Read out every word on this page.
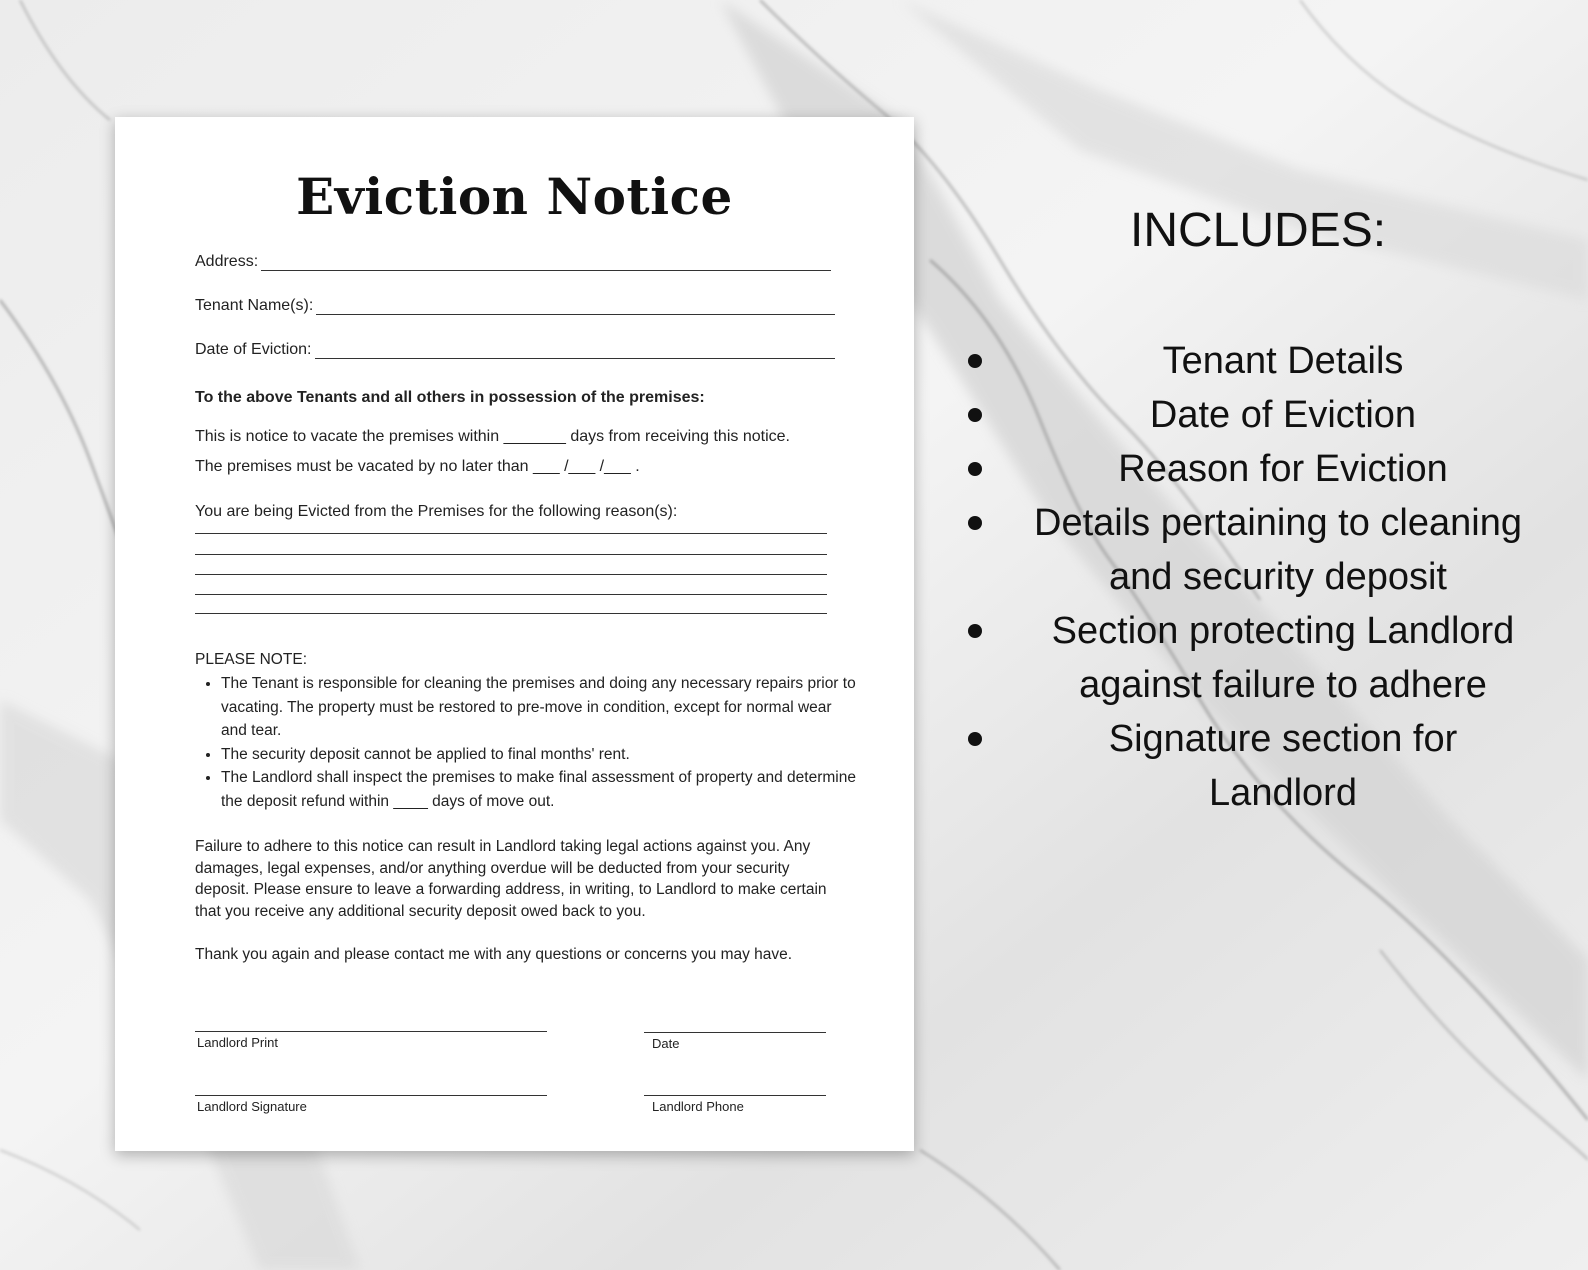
Eviction Notice
Address:
Tenant Name(s):
Date of Eviction:
To the above Tenants and all others in possession of the premises:
This is notice to vacate the premises within _______ days from receiving this notice.
The premises must be vacated by no later than ___ /___ /___ .
You are being Evicted from the Premises for the following reason(s):
PLEASE NOTE:
• The Tenant is responsible for cleaning the premises and doing any necessary repairs prior to vacating. The property must be restored to pre-move in condition, except for normal wear and tear.
• The security deposit cannot be applied to final months' rent.
• The Landlord shall inspect the premises to make final assessment of property and determine the deposit refund within ____ days of move out.
Failure to adhere to this notice can result in Landlord taking legal actions against you. Any damages, legal expenses, and/or anything overdue will be deducted from your security deposit. Please ensure to leave a forwarding address, in writing, to Landlord to make certain that you receive any additional security deposit owed back to you.
Thank you again and please contact me with any questions or concerns you may have.
Landlord Print	Date
Landlord Signature	Landlord Phone
INCLUDES:
Tenant Details
Date of Eviction
Reason for Eviction
Details pertaining to cleaning and security deposit
Section protecting Landlord against failure to adhere
Signature section for Landlord
